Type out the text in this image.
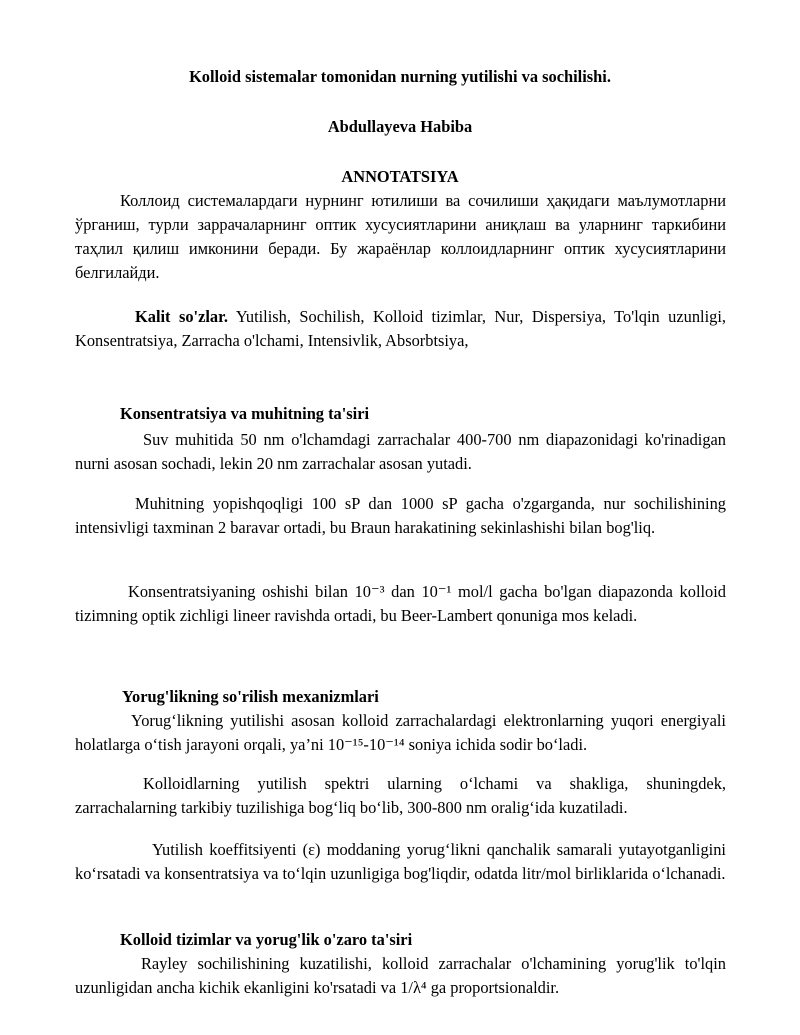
Kolloid sistemalar tomonidan nurning yutilishi va sochilishi.
Abdullayeva Habiba
ANNOTATSIYA

Коллоид системалардаги нурнинг ютилиши ва сочилиши ҳақидаги маълумотларни ўрганиш, турли заррачаларнинг оптик хусусиятларини аниқлаш ва уларнинг таркибини таҳлил қилиш имконини беради. Бу жараёнлар коллоидларнинг оптик хусусиятларини белгилайди.

Kalit so'zlar. Yutilish, Sochilish, Kolloid tizimlar, Nur, Dispersiya, To'lqin uzunligi, Konsentratsiya, Zarracha o'lchami, Intensivlik, Absorbtsiya,

Konsentratsiya va muhitning ta'siri

Suv muhitida 50 nm o'lchamdagi zarrachalar 400-700 nm diapazonidagi ko'rinadigan nurni asosan sochadi, lekin 20 nm zarrachalar asosan yutadi.

Muhitning yopishqoqligi 100 sP dan 1000 sP gacha o'zgarganda, nur sochilishining intensivligi taxminan 2 baravar ortadi, bu Braun harakatining sekinlashishi bilan bog'liq.

Konsentratsiyaning oshishi bilan 10⁻³ dan 10⁻¹ mol/l gacha bo'lgan diapazonda kolloid tizimning optik zichligi lineer ravishda ortadi, bu Beer-Lambert qonuniga mos keladi.

Yorug'likning so'rilish mexanizmlari

Yorug‘likning yutilishi asosan kolloid zarrachalardagi elektronlarning yuqori energiyali holatlarga o‘tish jarayoni orqali, ya’ni 10⁻¹⁵-10⁻¹⁴ soniya ichida sodir bo‘ladi.

Kolloidlarning yutilish spektri ularning o‘lchami va shakliga, shuningdek, zarrachalarning tarkibiy tuzilishiga bog‘liq bo‘lib, 300-800 nm oralig‘ida kuzatiladi.

Yutilish koeffitsiyenti (ε) moddaning yorug‘likni qanchalik samarali yutayotganligini ko‘rsatadi va konsentratsiya va to‘lqin uzunligiga bog'liqdir, odatda litr/mol birliklarida o‘lchanadi.

Kolloid tizimlar va yorug'lik o'zaro ta'siri

Rayley sochilishining kuzatilishi, kolloid zarrachalar o'lchamining yorug'lik to'lqin uzunligidan ancha kichik ekanligini ko'rsatadi va 1/λ⁴ ga proportsionaldir.
